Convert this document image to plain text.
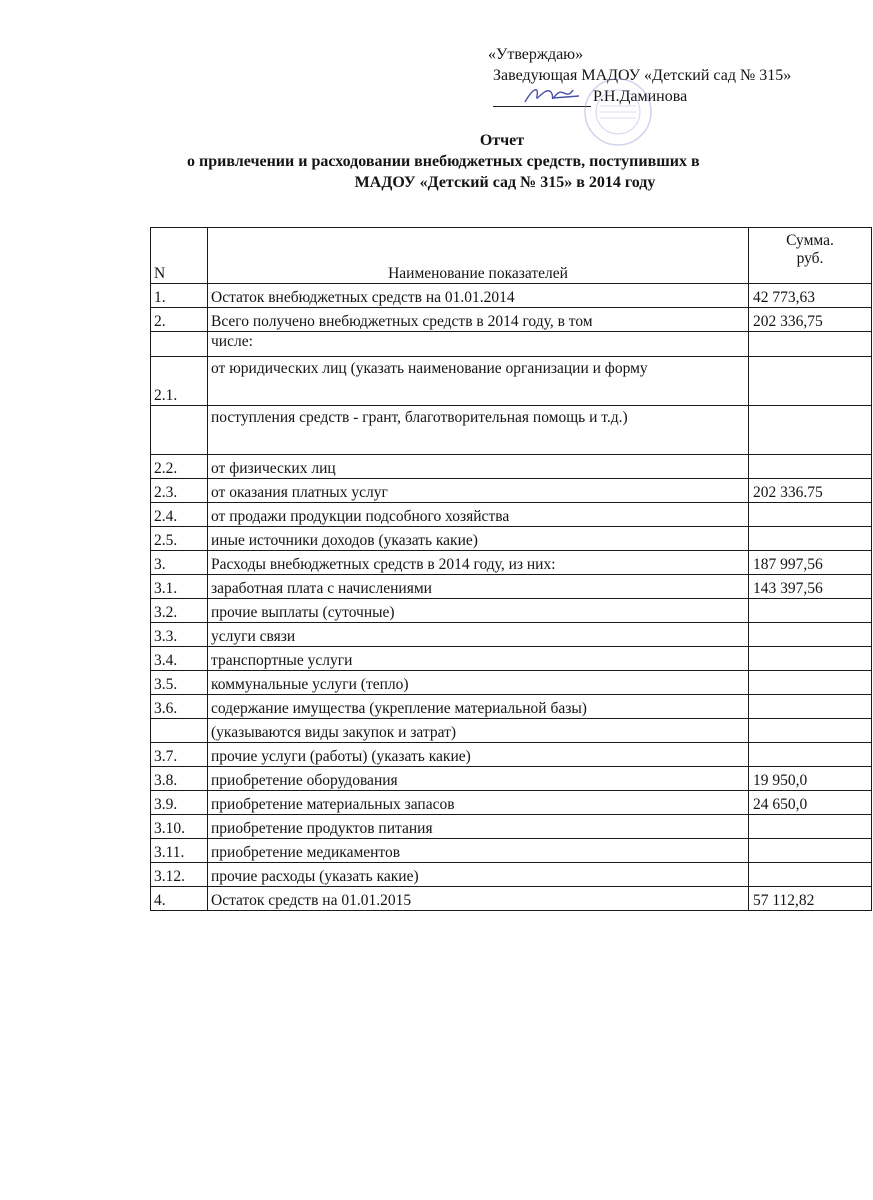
«Утверждаю»
Заведующая МАДОУ «Детский сад № 315»
Р.Н.Даминова
Отчет
о привлечении и расходовании внебюджетных средств, поступивших в
МАДОУ «Детский сад № 315» в 2014 году
N	Наименование показателей	Сумма.
руб.

1.	Остаток внебюджетных средств на 01.01.2014	42 773,63
2.	Всего получено внебюджетных средств в 2014 году, в том	202 336,75
	числе:	
2.1.	от юридических лиц (указать наименование организации и форму	
	поступления средств - грант, благотворительная помощь и т.д.)	
2.2.	от физических лиц	
2.3.	от оказания платных услуг	202 336.75
2.4.	от продажи продукции подсобного хозяйства	
2.5.	иные источники доходов (указать какие)	
3.	Расходы внебюджетных средств в 2014 году, из них:	187 997,56
3.1.	заработная плата с начислениями	143 397,56
3.2.	прочие выплаты (суточные)	
3.3.	услуги связи	
3.4.	транспортные услуги	
3.5.	коммунальные услуги (тепло)	
3.6.	содержание имущества (укрепление материальной базы)	
	(указываются виды закупок и затрат)	
3.7.	прочие услуги (работы) (указать какие)	
3.8.	приобретение оборудования	19 950,0
3.9.	приобретение материальных запасов	24 650,0
3.10.	приобретение продуктов питания	
3.11.	приобретение медикаментов	
3.12.	прочие расходы (указать какие)	
4.	Остаток средств на 01.01.2015	57 112,82
